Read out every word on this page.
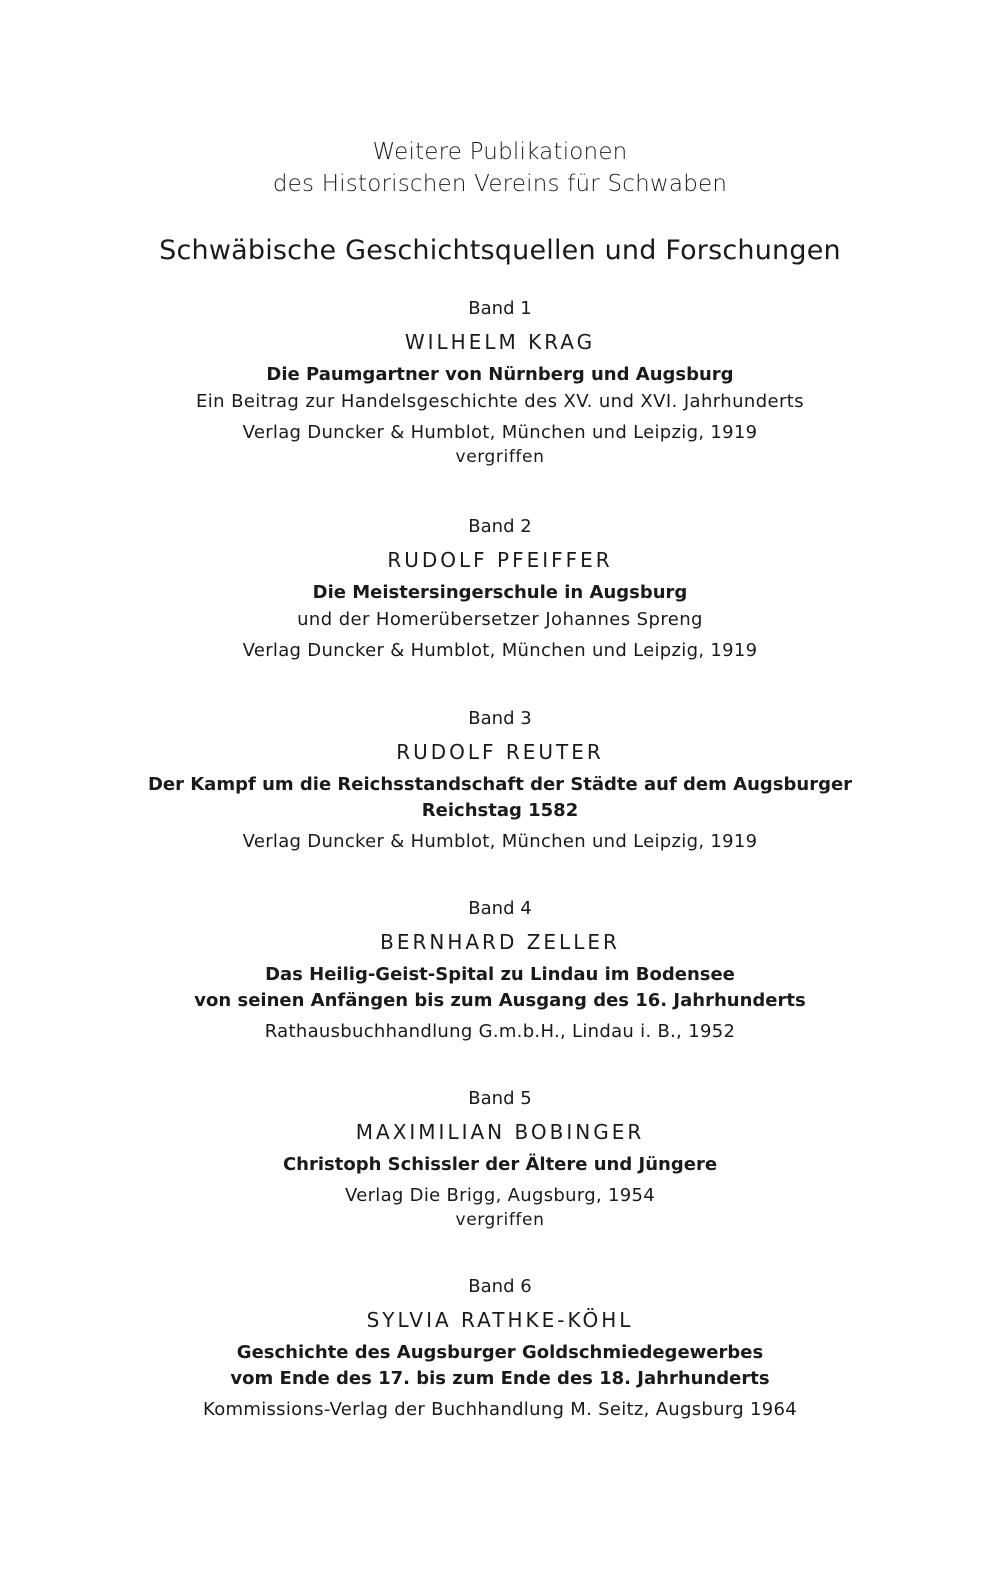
Weitere Publikationen
des Historischen Vereins für Schwaben
Schwäbische Geschichtsquellen und Forschungen
Band 1
WILHELM KRAG
Die Paumgartner von Nürnberg und Augsburg
Ein Beitrag zur Handelsgeschichte des XV. und XVI. Jahrhunderts
Verlag Duncker & Humblot, München und Leipzig, 1919
vergriffen
Band 2
RUDOLF PFEIFFER
Die Meistersingerschule in Augsburg
und der Homerübersetzer Johannes Spreng
Verlag Duncker & Humblot, München und Leipzig, 1919
Band 3
RUDOLF REUTER
Der Kampf um die Reichsstandschaft der Städte auf dem Augsburger
Reichstag 1582
Verlag Duncker & Humblot, München und Leipzig, 1919
Band 4
BERNHARD ZELLER
Das Heilig-Geist-Spital zu Lindau im Bodensee
von seinen Anfängen bis zum Ausgang des 16. Jahrhunderts
Rathausbuchhandlung G.m.b.H., Lindau i. B., 1952
Band 5
MAXIMILIAN BOBINGER
Christoph Schissler der Ältere und Jüngere
Verlag Die Brigg, Augsburg, 1954
vergriffen
Band 6
SYLVIA RATHKE-KÖHL
Geschichte des Augsburger Goldschmiedegewerbes
vom Ende des 17. bis zum Ende des 18. Jahrhunderts
Kommissions-Verlag der Buchhandlung M. Seitz, Augsburg 1964
